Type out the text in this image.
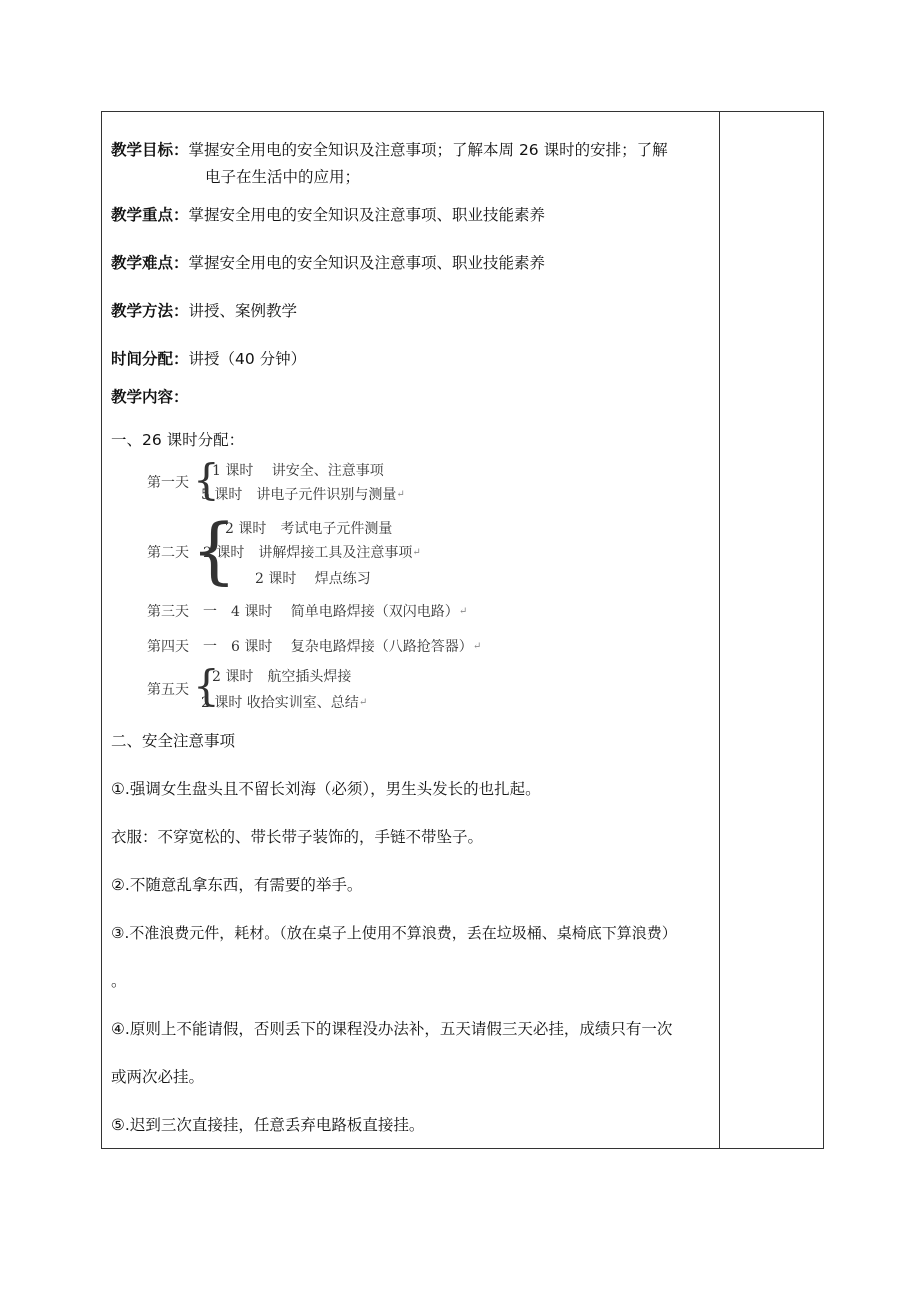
教学目标：掌握安全用电的安全知识及注意事项；了解本周 26 课时的安排；了解
电子在生活中的应用；
教学重点：掌握安全用电的安全知识及注意事项、职业技能素养
教学难点：掌握安全用电的安全知识及注意事项、职业技能素养
教学方法：讲授、案例教学
时间分配：讲授（40 分钟）
教学内容：
一、26 课时分配：
第一天 {
1 课时　 讲安全、注意事项
5 课时　讲电子元件识别与测量↵
第二天 {
2 课时　考试电子元件测量
2 课时　讲解焊接工具及注意事项↵
2 课时　 焊点练习
第三天　一　4 课时　 简单电路焊接（双闪电路）↵
第四天　一　6 课时　 复杂电路焊接（八路抢答器）↵
第五天 {
2 课时　航空插头焊接
2 课时 收拾实训室、总结↵
二、安全注意事项
①.强调女生盘头且不留长刘海（必须），男生头发长的也扎起。
衣服：不穿宽松的、带长带子装饰的，手链不带坠子。
②.不随意乱拿东西，有需要的举手。
③.不准浪费元件，耗材。（放在桌子上使用不算浪费，丢在垃圾桶、桌椅底下算浪费）
。
④.原则上不能请假，否则丢下的课程没办法补，五天请假三天必挂，成绩只有一次
或两次必挂。
⑤.迟到三次直接挂，任意丢弃电路板直接挂。
